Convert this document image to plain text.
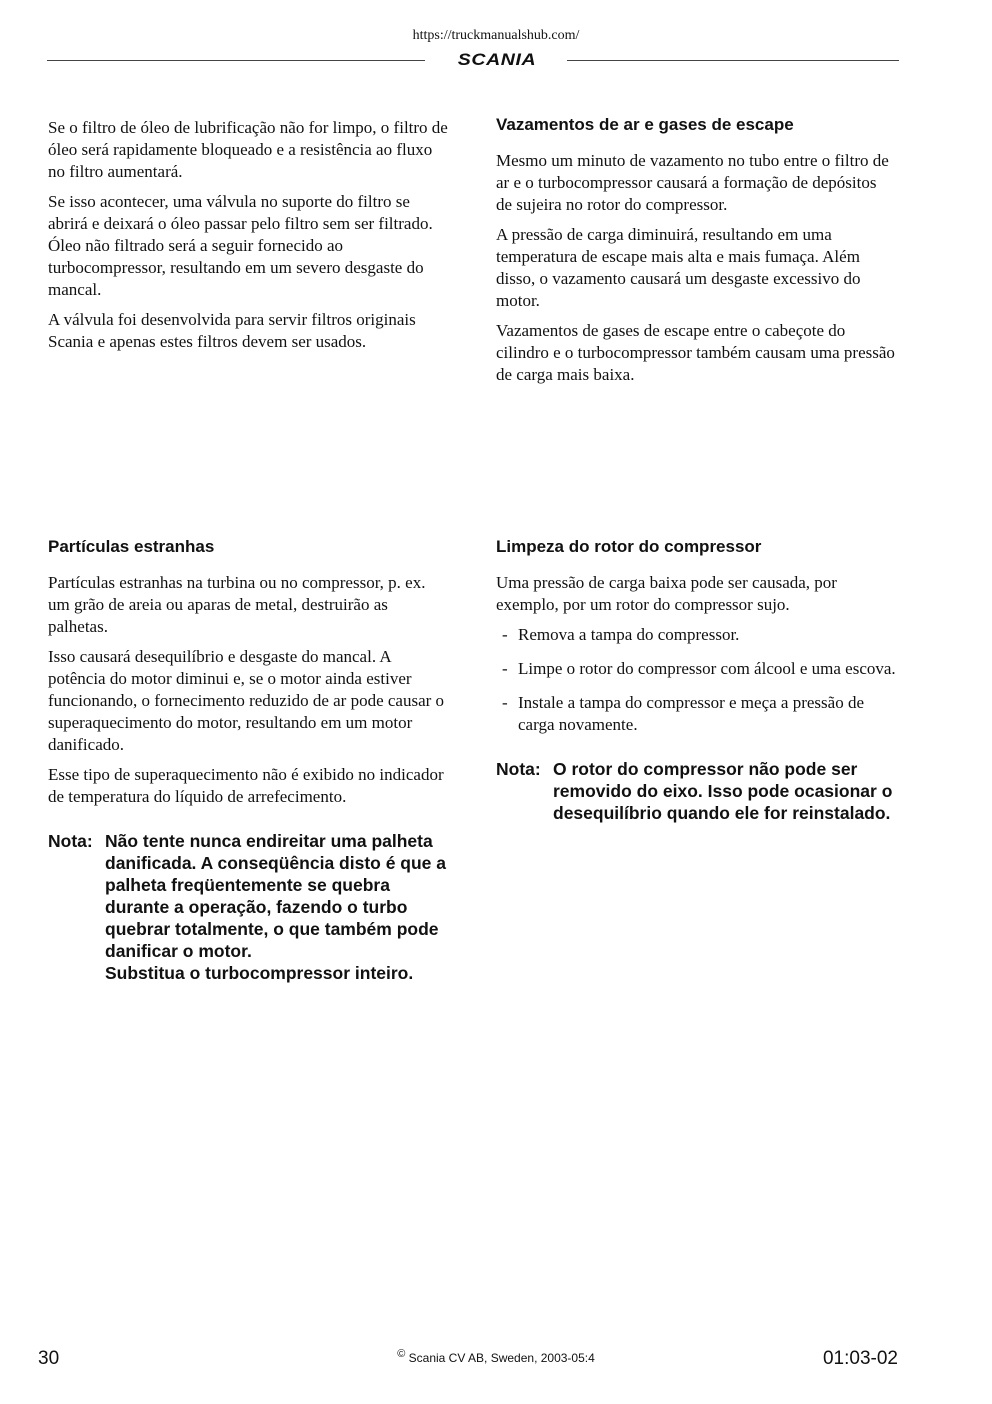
https://truckmanualshub.com/
SCANIA

Se o filtro de óleo de lubrificação não for limpo, o filtro de óleo será rapidamente bloqueado e a resistência ao fluxo no filtro aumentará.

Se isso acontecer, uma válvula no suporte do filtro se abrirá e deixará o óleo passar pelo filtro sem ser filtrado. Óleo não filtrado será a seguir fornecido ao turbocompressor, resultando em um severo desgaste do mancal.

A válvula foi desenvolvida para servir filtros originais Scania e apenas estes filtros devem ser usados.

Vazamentos de ar e gases de escape

Mesmo um minuto de vazamento no tubo entre o filtro de ar e o turbocompressor causará a formação de depósitos de sujeira no rotor do compressor.

A pressão de carga diminuirá, resultando em uma temperatura de escape mais alta e mais fumaça. Além disso, o vazamento causará um desgaste excessivo do motor.

Vazamentos de gases de escape entre o cabeçote do cilindro e o turbocompressor também causam uma pressão de carga mais baixa.

Partículas estranhas

Partículas estranhas na turbina ou no compressor, p. ex. um grão de areia ou aparas de metal, destruirão as palhetas.

Isso causará desequilíbrio e desgaste do mancal. A potência do motor diminui e, se o motor ainda estiver funcionando, o fornecimento reduzido de ar pode causar o superaquecimento do motor, resultando em um motor danificado.

Esse tipo de superaquecimento não é exibido no indicador de temperatura do líquido de arrefecimento.

Nota: Não tente nunca endireitar uma palheta danificada. A conseqüência disto é que a palheta freqüentemente se quebra durante a operação, fazendo o turbo quebrar totalmente, o que também pode danificar o motor.
Substitua o turbocompressor inteiro.
Limpeza do rotor do compressor

Uma pressão de carga baixa pode ser causada, por exemplo, por um rotor do compressor sujo.

- Remova a tampa do compressor.
- Limpe o rotor do compressor com álcool e uma escova.
- Instale a tampa do compressor e meça a pressão de carga novamente.
Nota: O rotor do compressor não pode ser removido do eixo. Isso pode ocasionar o desequilíbrio quando ele for reinstalado.
30	© Scania CV AB, Sweden, 2003-05:4	01:03-02
